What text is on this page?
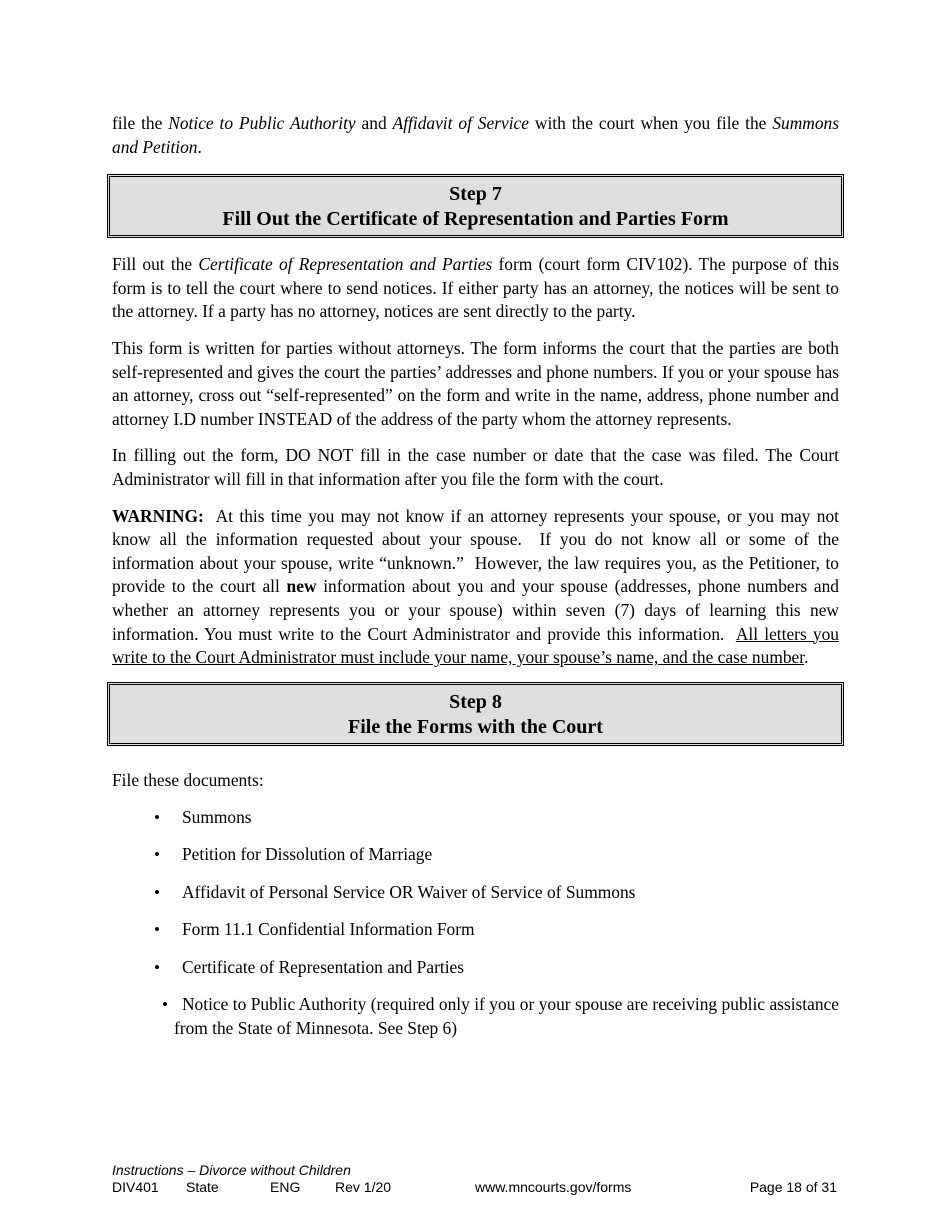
file the Notice to Public Authority and Affidavit of Service with the court when you file the Summons and Petition.

Step 7
Fill Out the Certificate of Representation and Parties Form

Fill out the Certificate of Representation and Parties form (court form CIV102). The purpose of this form is to tell the court where to send notices. If either party has an attorney, the notices will be sent to the attorney. If a party has no attorney, notices are sent directly to the party.

This form is written for parties without attorneys. The form informs the court that the parties are both self-represented and gives the court the parties’ addresses and phone numbers. If you or your spouse has an attorney, cross out “self-represented” on the form and write in the name, address, phone number and attorney I.D number INSTEAD of the address of the party whom the attorney represents.

In filling out the form, DO NOT fill in the case number or date that the case was filed. The Court Administrator will fill in that information after you file the form with the court.

WARNING:  At this time you may not know if an attorney represents your spouse, or you may not know all the information requested about your spouse.  If you do not know all or some of the information about your spouse, write “unknown.”  However, the law requires you, as the Petitioner, to provide to the court all new information about you and your spouse (addresses, phone numbers and whether an attorney represents you or your spouse) within seven (7) days of learning this new information. You must write to the Court Administrator and provide this information.  All letters you write to the Court Administrator must include your name, your spouse’s name, and the case number.

Step 8
File the Forms with the Court

File these documents:

• Summons
• Petition for Dissolution of Marriage
• Affidavit of Personal Service OR Waiver of Service of Summons
• Form 11.1 Confidential Information Form
• Certificate of Representation and Parties
• Notice to Public Authority (required only if you or your spouse are receiving public assistance from the State of Minnesota. See Step 6)
Instructions – Divorce without Children
DIV401 State	ENG Rev 1/20	www.mncourts.gov/forms	Page 18 of 31
